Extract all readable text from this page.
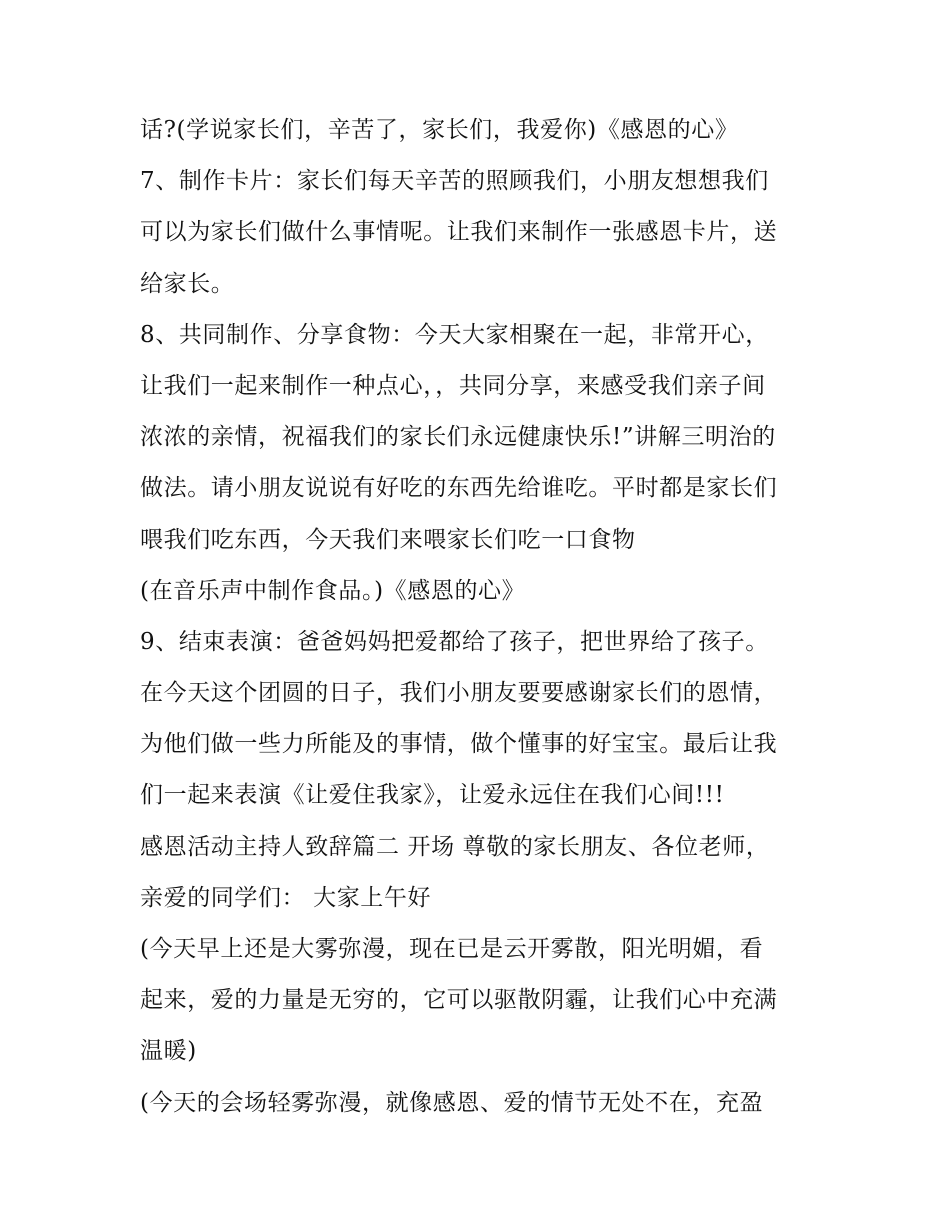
话?(学说家长们，辛苦了，家长们，我爱你)《感恩的心》
7、制作卡片：家长们每天辛苦的照顾我们，小朋友想想我们
可以为家长们做什么事情呢。让我们来制作一张感恩卡片，送
给家长。
8、共同制作、分享食物：今天大家相聚在一起，非常开心，
让我们一起来制作一种点心，，共同分享，来感受我们亲子间
浓浓的亲情，祝福我们的家长们永远健康快乐!”讲解三明治的
做法。请小朋友说说有好吃的东西先给谁吃。平时都是家长们
喂我们吃东西，今天我们来喂家长们吃一口食物
(在音乐声中制作食品。)《感恩的心》
9、结束表演：爸爸妈妈把爱都给了孩子，把世界给了孩子。
在今天这个团圆的日子，我们小朋友要要感谢家长们的恩情，
为他们做一些力所能及的事情，做个懂事的好宝宝。最后让我
们一起来表演《让爱住我家》，让爱永远住在我们心间!!!
感恩活动主持人致辞篇二 开场 尊敬的家长朋友、各位老师，
亲爱的同学们： 大家上午好
(今天早上还是大雾弥漫，现在已是云开雾散，阳光明媚，看
起来，爱的力量是无穷的，它可以驱散阴霾，让我们心中充满
温暖)
(今天的会场轻雾弥漫，就像感恩、爱的情节无处不在，充盈
